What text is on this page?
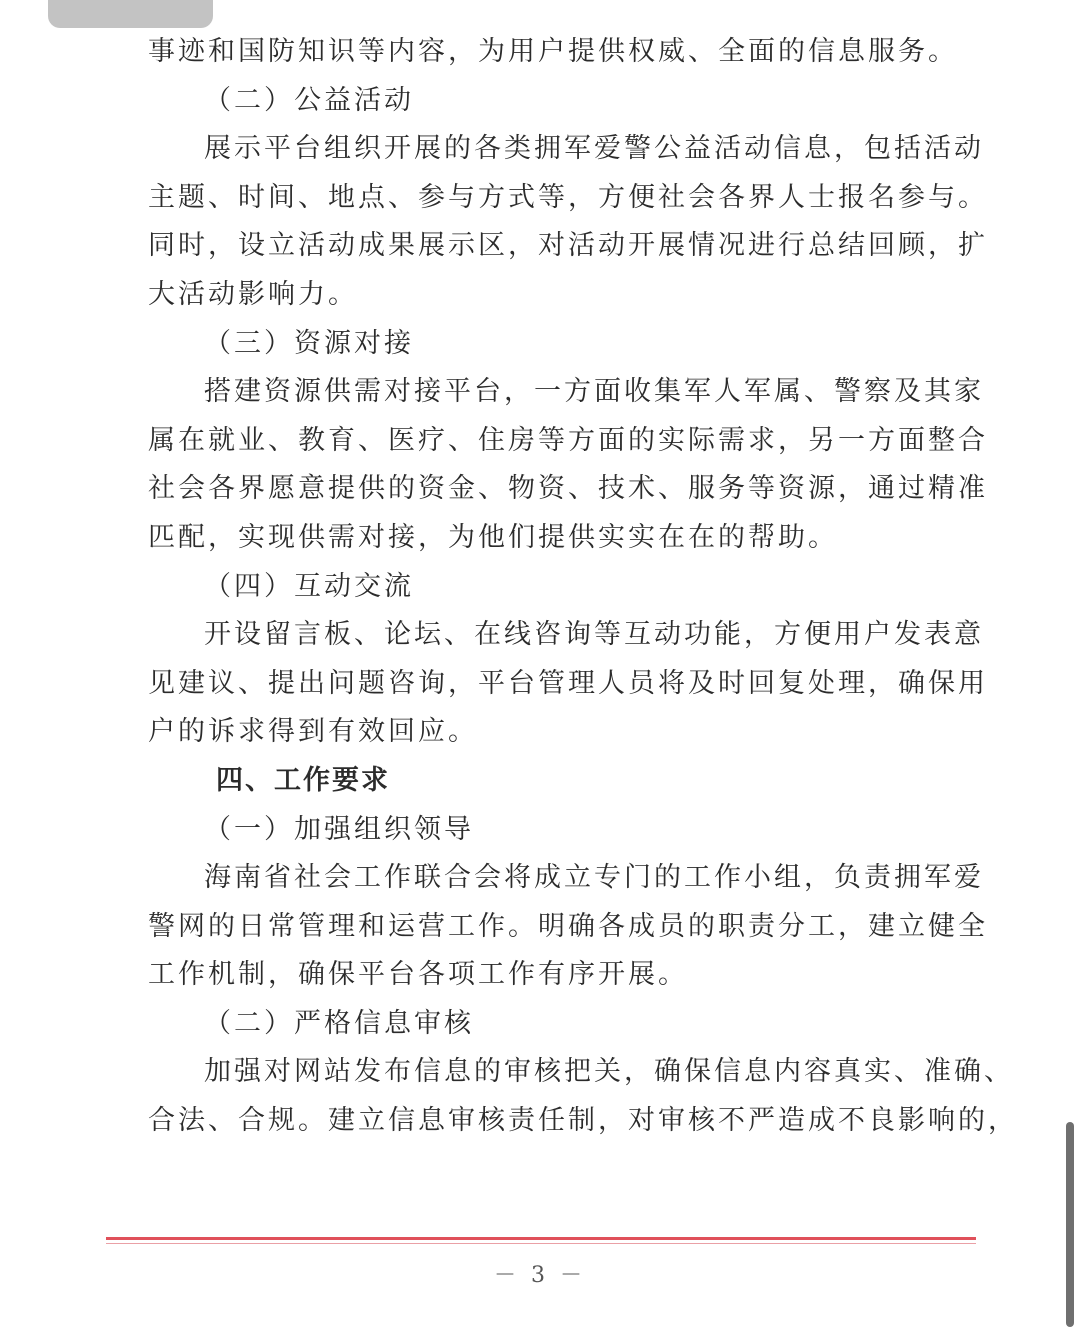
事迹和国防知识等内容，为用户提供权威、全面的信息服务。
（二）公益活动
展示平台组织开展的各类拥军爱警公益活动信息，包括活动
主题、时间、地点、参与方式等，方便社会各界人士报名参与。
同时，设立活动成果展示区，对活动开展情况进行总结回顾，扩
大活动影响力。
（三）资源对接
搭建资源供需对接平台，一方面收集军人军属、警察及其家
属在就业、教育、医疗、住房等方面的实际需求，另一方面整合
社会各界愿意提供的资金、物资、技术、服务等资源，通过精准
匹配，实现供需对接，为他们提供实实在在的帮助。
（四）互动交流
开设留言板、论坛、在线咨询等互动功能，方便用户发表意
见建议、提出问题咨询，平台管理人员将及时回复处理，确保用
户的诉求得到有效回应。
四、工作要求
（一）加强组织领导
海南省社会工作联合会将成立专门的工作小组，负责拥军爱
警网的日常管理和运营工作。明确各成员的职责分工，建立健全
工作机制，确保平台各项工作有序开展。
（二）严格信息审核
加强对网站发布信息的审核把关，确保信息内容真实、准确、
合法、合规。建立信息审核责任制，对审核不严造成不良影响的，
－ 3 －
